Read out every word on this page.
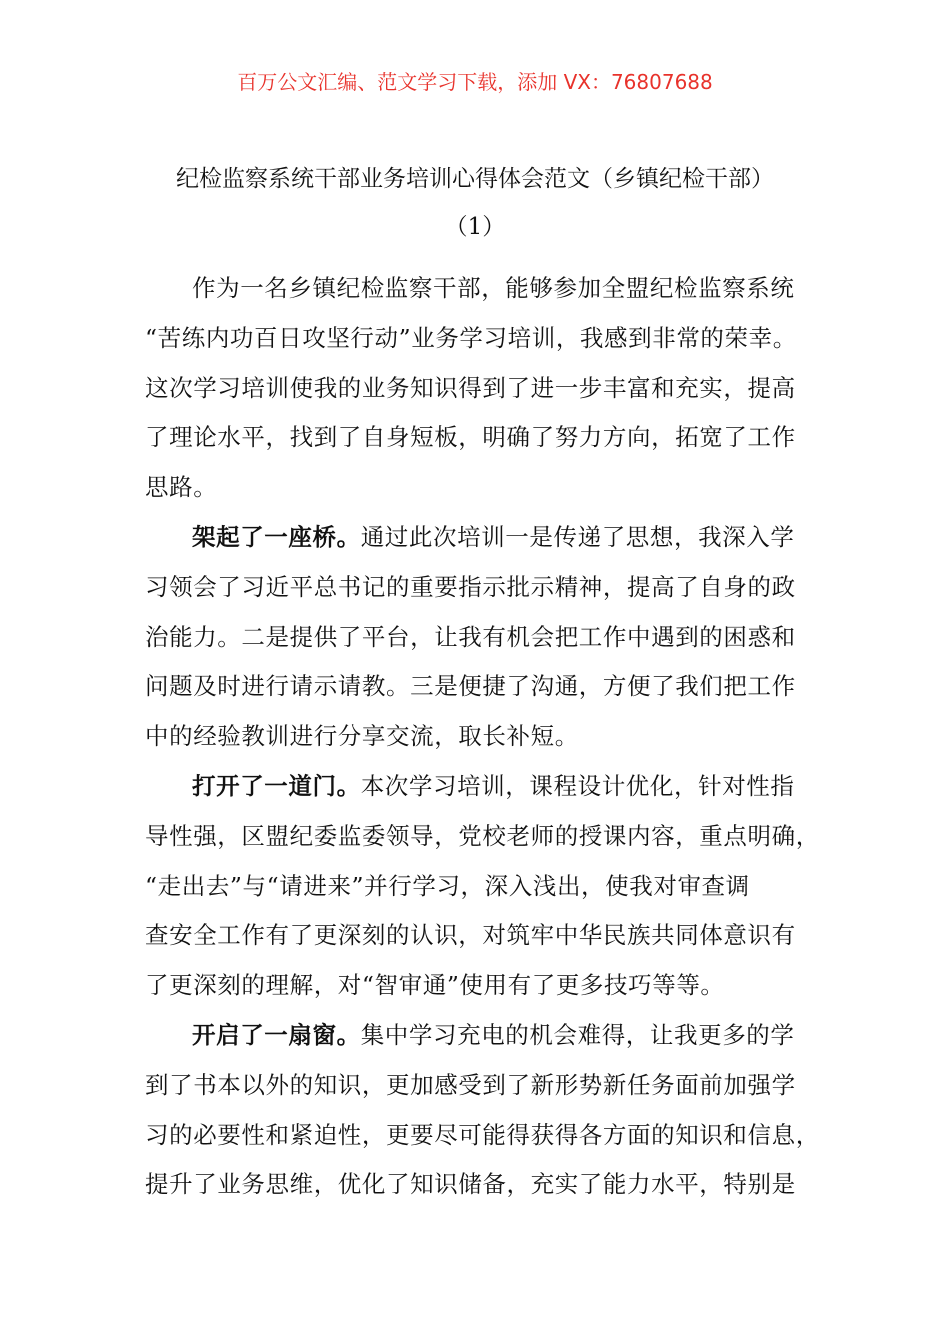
百万公文汇编、范文学习下载，添加 VX：76807688
纪检监察系统干部业务培训心得体会范文（乡镇纪检干部）
（1）
作为一名乡镇纪检监察干部，能够参加全盟纪检监察系统
“苦练内功百日攻坚行动”业务学习培训，我感到非常的荣幸。
这次学习培训使我的业务知识得到了进一步丰富和充实，提高
了理论水平，找到了自身短板，明确了努力方向，拓宽了工作
思路。
架起了一座桥。通过此次培训一是传递了思想，我深入学
习领会了习近平总书记的重要指示批示精神，提高了自身的政
治能力。二是提供了平台，让我有机会把工作中遇到的困惑和
问题及时进行请示请教。三是便捷了沟通，方便了我们把工作
中的经验教训进行分享交流，取长补短。
打开了一道门。本次学习培训，课程设计优化，针对性指
导性强，区盟纪委监委领导，党校老师的授课内容，重点明确，
“走出去”与“请进来”并行学习，深入浅出，使我对审查调
查安全工作有了更深刻的认识，对筑牢中华民族共同体意识有
了更深刻的理解，对“智审通”使用有了更多技巧等等。
开启了一扇窗。集中学习充电的机会难得，让我更多的学
到了书本以外的知识，更加感受到了新形势新任务面前加强学
习的必要性和紧迫性，更要尽可能得获得各方面的知识和信息，
提升了业务思维，优化了知识储备，充实了能力水平，特别是
